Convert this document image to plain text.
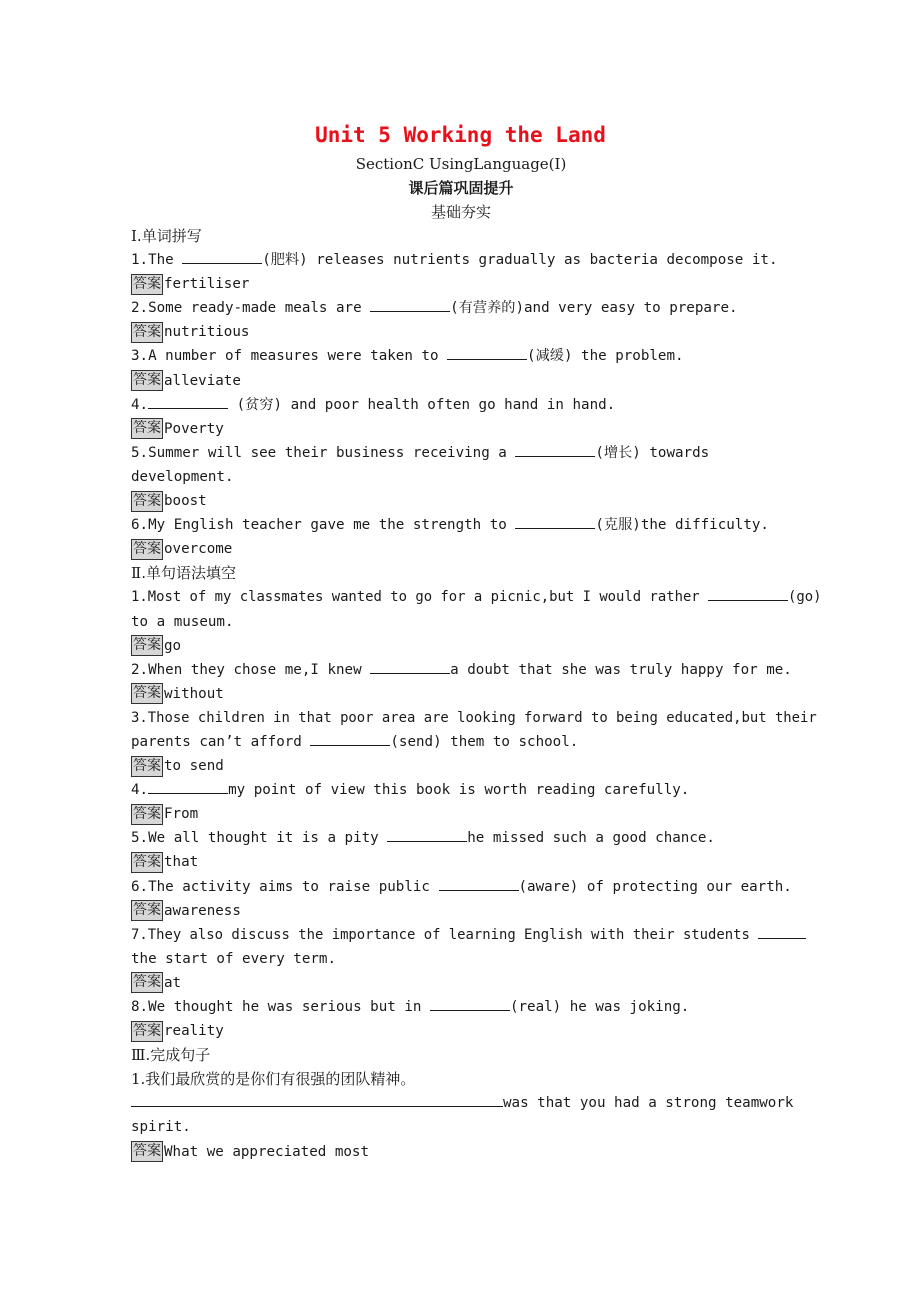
Unit 5 Working the Land
SectionC UsingLanguage(Ⅰ)
课后篇巩固提升
基础夯实
Ⅰ.单词拼写
1.The	(肥料) releases nutrients gradually as bacteria decompose it.
答案 fertiliser
2.Some ready-made meals are	(有营养的)and very easy to prepare.
答案 nutritious
3.A number of measures were taken to	(减缓) the problem.
答案 alleviate
4.	(贫穷) and poor health often go hand in hand.
答案 Poverty
5.Summer will see their business receiving a	(增长) towards
development.
答案 boost
6.My English teacher gave me the strength to	(克服)the difficulty.
答案 overcome
Ⅱ.单句语法填空
1.Most of my classmates wanted to go for a picnic,but I would rather	(go)
to a museum.
答案 go
2.When they chose me,I knew	a doubt that she was truly happy for me.
答案 without
3.Those children in that poor area are looking forward to being educated,but their
parents can’t afford	(send) them to school.
答案 to send
4.	my point of view this book is worth reading carefully.
答案 From
5.We all thought it is a pity	he missed such a good chance.
答案 that
6.The activity aims to raise public	(aware) of protecting our earth.
答案 awareness
7.They also discuss the importance of learning English with their students
the start of every term.
答案 at
8.We thought he was serious but in	(real) he was joking.
答案 reality
Ⅲ.完成句子
1.我们最欣赏的是你们有很强的团队精神。
was that you had a strong teamwork
spirit.
答案 What we appreciated most
